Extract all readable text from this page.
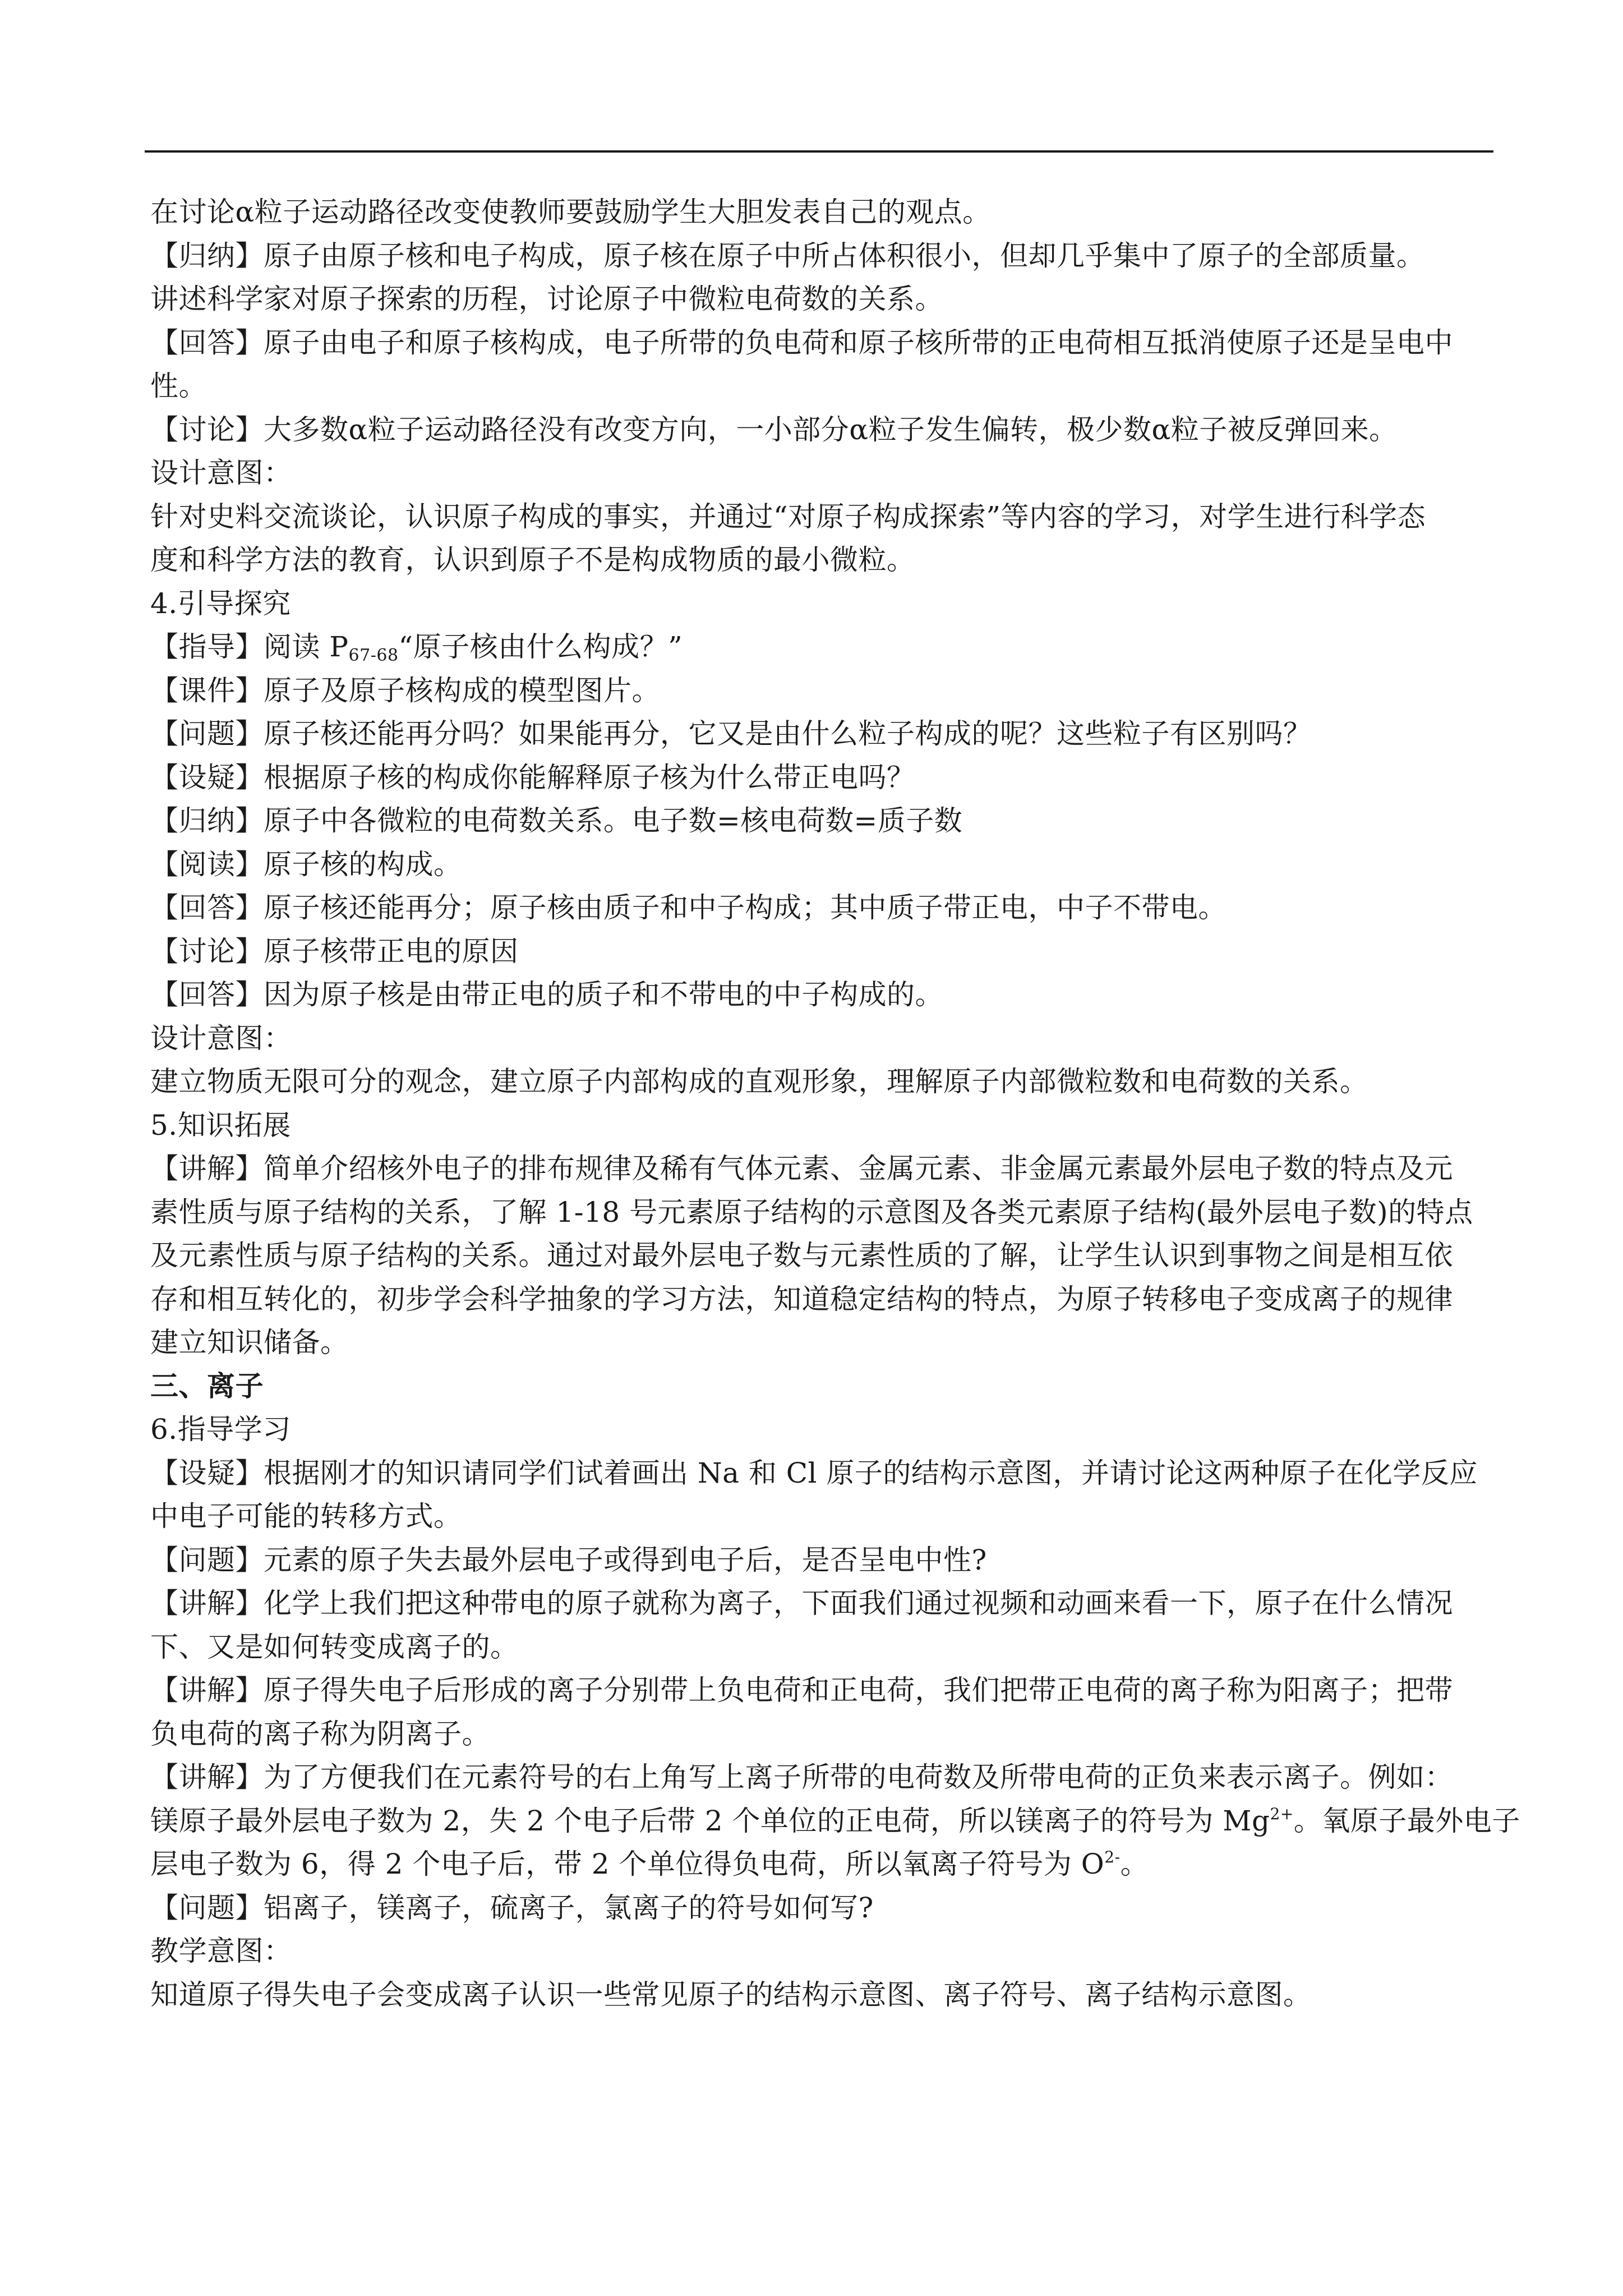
在讨论α粒子运动路径改变使教师要鼓励学生大胆发表自己的观点。
【归纳】原子由原子核和电子构成，原子核在原子中所占体积很小，但却几乎集中了原子的全部质量。
讲述科学家对原子探索的历程，讨论原子中微粒电荷数的关系。
【回答】原子由电子和原子核构成，电子所带的负电荷和原子核所带的正电荷相互抵消使原子还是呈电中
性。
【讨论】大多数α粒子运动路径没有改变方向，一小部分α粒子发生偏转，极少数α粒子被反弹回来。
设计意图：
针对史料交流谈论，认识原子构成的事实，并通过“对原子构成探索”等内容的学习，对学生进行科学态
度和科学方法的教育，认识到原子不是构成物质的最小微粒。
4.引导探究
【指导】阅读 $P_{67-68}“$原子核由什么构成？”
【课件】原子及原子核构成的模型图片。
【问题】原子核还能再分吗？如果能再分，它又是由什么粒子构成的呢？这些粒子有区别吗？
【设疑】根据原子核的构成你能解释原子核为什么带正电吗？
【归纳】原子中各微粒的电荷数关系。电子数=核电荷数=质子数
【阅读】原子核的构成。
【回答】原子核还能再分；原子核由质子和中子构成；其中质子带正电，中子不带电。
【讨论】原子核带正电的原因
【回答】因为原子核是由带正电的质子和不带电的中子构成的。
设计意图：
建立物质无限可分的观念，建立原子内部构成的直观形象，理解原子内部微粒数和电荷数的关系。
5.知识拓展
【讲解】简单介绍核外电子的排布规律及稀有气体元素、金属元素、非金属元素最外层电子数的特点及元
素性质与原子结构的关系，了解 1-18 号元素原子结构的示意图及各类元素原子结构(最外层电子数)的特点
及元素性质与原子结构的关系。通过对最外层电子数与元素性质的了解，让学生认识到事物之间是相互依
存和相互转化的，初步学会科学抽象的学习方法，知道稳定结构的特点，为原子转移电子变成离子的规律
建立知识储备。
三、离子
6.指导学习
【设疑】根据刚才的知识请同学们试着画出 Na 和 Cl 原子的结构示意图，并请讨论这两种原子在化学反应
中电子可能的转移方式。
【问题】元素的原子失去最外层电子或得到电子后，是否呈电中性?
【讲解】化学上我们把这种带电的原子就称为离子，下面我们通过视频和动画来看一下，原子在什么情况
下、又是如何转变成离子的。
【讲解】原子得失电子后形成的离子分别带上负电荷和正电荷，我们把带正电荷的离子称为阳离子；把带
负电荷的离子称为阴离子。
【讲解】为了方便我们在元素符号的右上角写上离子所带的电荷数及所带电荷的正负来表示离子。例如：
镁原子最外层电子数为 2，失 2 个电子后带 2 个单位的正电荷，所以镁离子的符号为 $Mg^{2+}$。氧原子最外电子
层电子数为 6，得 2 个电子后，带 2 个单位得负电荷，所以氧离子符号为 $O^{2-}$。
【问题】铝离子，镁离子，硫离子，氯离子的符号如何写?
教学意图：
知道原子得失电子会变成离子认识一些常见原子的结构示意图、离子符号、离子结构示意图。
